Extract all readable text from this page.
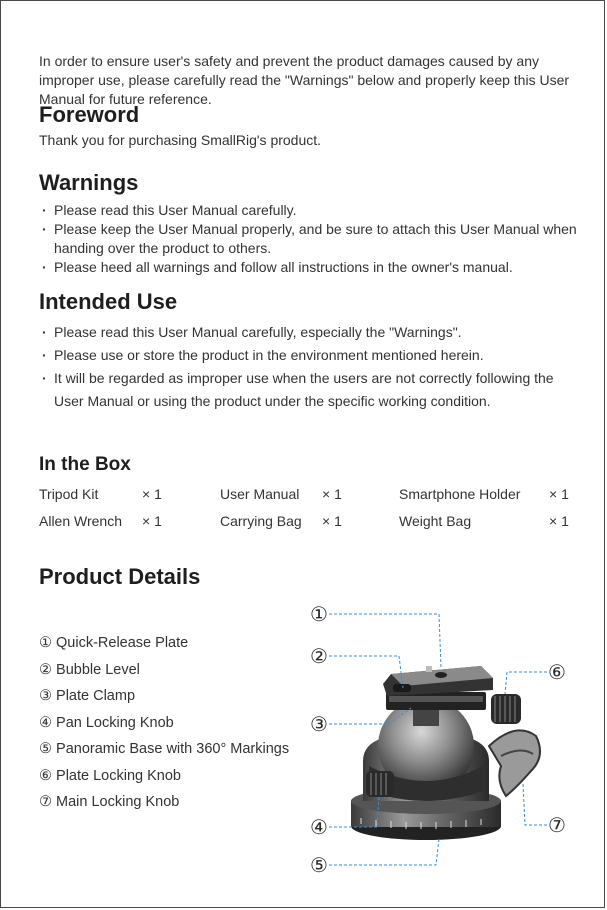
In order to ensure user's safety and prevent the product damages caused by any improper use, please carefully read the "Warnings" below and properly keep this User Manual for future reference.

Foreword
Thank you for purchasing SmallRig's product.
Warnings
· Please read this User Manual carefully.
· Please keep the User Manual properly, and be sure to attach this User Manual when handing over the product to others.
· Please heed all warnings and follow all instructions in the owner's manual.
Intended Use
· Please read this User Manual carefully, especially the "Warnings".
· Please use or store the product in the environment mentioned herein.
· It will be regarded as improper use when the users are not correctly following the User Manual or using the product under the specific working condition.
In the Box
Tripod Kit	× 1	User Manual × 1	Smartphone Holder × 1
Allen Wrench × 1	Carrying Bag × 1	Weight Bag	× 1
Product Details
① Quick-Release Plate
② Bubble Level
③ Plate Clamp
④ Pan Locking Knob
⑤ Panoramic Base with 360° Markings
⑥ Plate Locking Knob
⑦ Main Locking Knob
①
②
③
④
⑤
⑥
⑦
